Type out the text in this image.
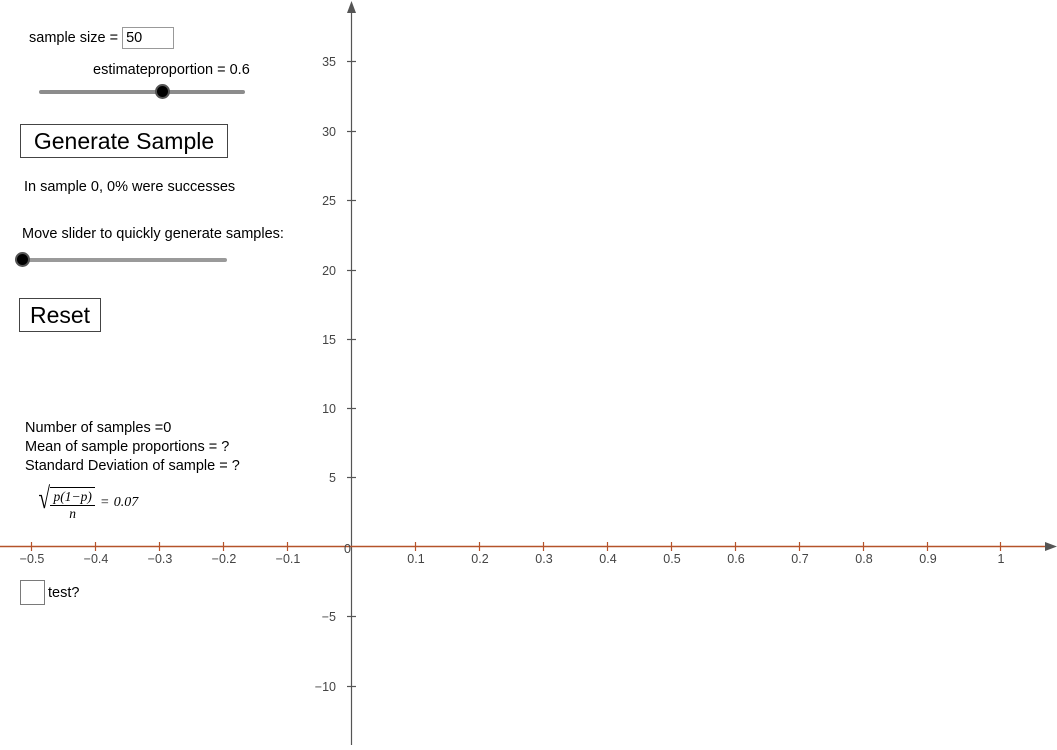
35
30
25
20
15
10
5
−5
−10
−0.5	−0.4	−0.3	−0.2	−0.1
0
0.1	0.2	0.3	0.4	0.5	0.6	0.7	0.8	0.9	1
sample size =
50
estimateproportion = 0.6
Generate Sample
In sample 0, 0% were successes
Move slider to quickly generate samples:
Reset
Number of samples =0
Mean of sample proportions = ?
Standard Deviation of sample = ?
√ $\frac{p(1-p)}{n} = 0.07$
test?
